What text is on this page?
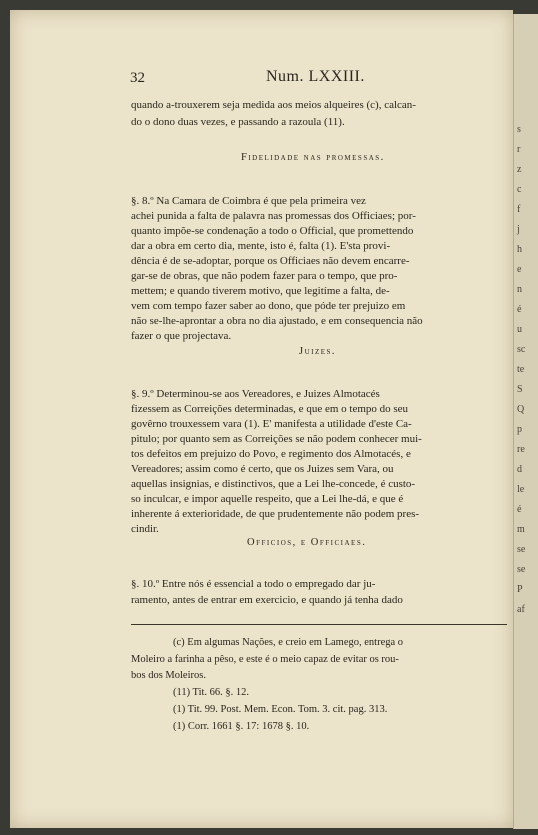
s
r
z
c
f
j
h
e
n
é
u
sc
te
S
Q
p
re
d
le
é
m
se
se
P
af
32	Num. LXXIII.
quando a-trouxerem seja medida aos meios alqueires (c), calcan-
do o dono duas vezes, e passando a razoula (11).
Fidelidade nas promessas.
§. 8.º Na Camara de Coimbra é que pela primeira vez
achei punida a falta de palavra nas promessas dos Officiaes; por-
quanto impõe-se condenação a todo o Official, que promettendo
dar a obra em certo dia, mente, isto é, falta (1). E'sta provi-
dência é de se-adoptar, porque os Officiaes não devem encarre-
gar-se de obras, que não podem fazer para o tempo, que pro-
mettem; e quando tiverem motivo, que legitíme a falta, de-
vem com tempo fazer saber ao dono, que póde ter prejuizo em
não se-lhe-aprontar a obra no dia ajustado, e em consequencia não
fazer o que projectava.
Juizes.
§. 9.º Determinou-se aos Vereadores, e Juizes Almotacés
fizessem as Correições determinadas, e que em o tempo do seu
govêrno trouxessem vara (1). E' manifesta a utilidade d'este Ca-
pitulo; por quanto sem as Correições se não podem conhecer mui-
tos defeitos em prejuizo do Povo, e regimento dos Almotacés, e
Vereadores; assim como é certo, que os Juizes sem Vara, ou
aquellas insignias, e distinctivos, que a Lei lhe-concede, é custo-
so inculcar, e impor aquelle respeito, que a Lei lhe-dá, e que é
inherente á exterioridade, de que prudentemente não podem pres-
cindir.
Officios, e Officiaes.
§. 10.º Entre nós é essencial a todo o empregado dar ju-
ramento, antes de entrar em exercicio, e quando já tenha dado
(c) Em algumas Nações, e creio em Lamego, entrega o
Moleiro a farinha a pêso, e este é o meio capaz de evitar os rou-
bos dos Moleiros.
(11) Tit. 66. §. 12.
(1) Tit. 99. Post. Mem. Econ. Tom. 3. cit. pag. 313.
(1) Corr. 1661 §. 17: 1678 §. 10.
